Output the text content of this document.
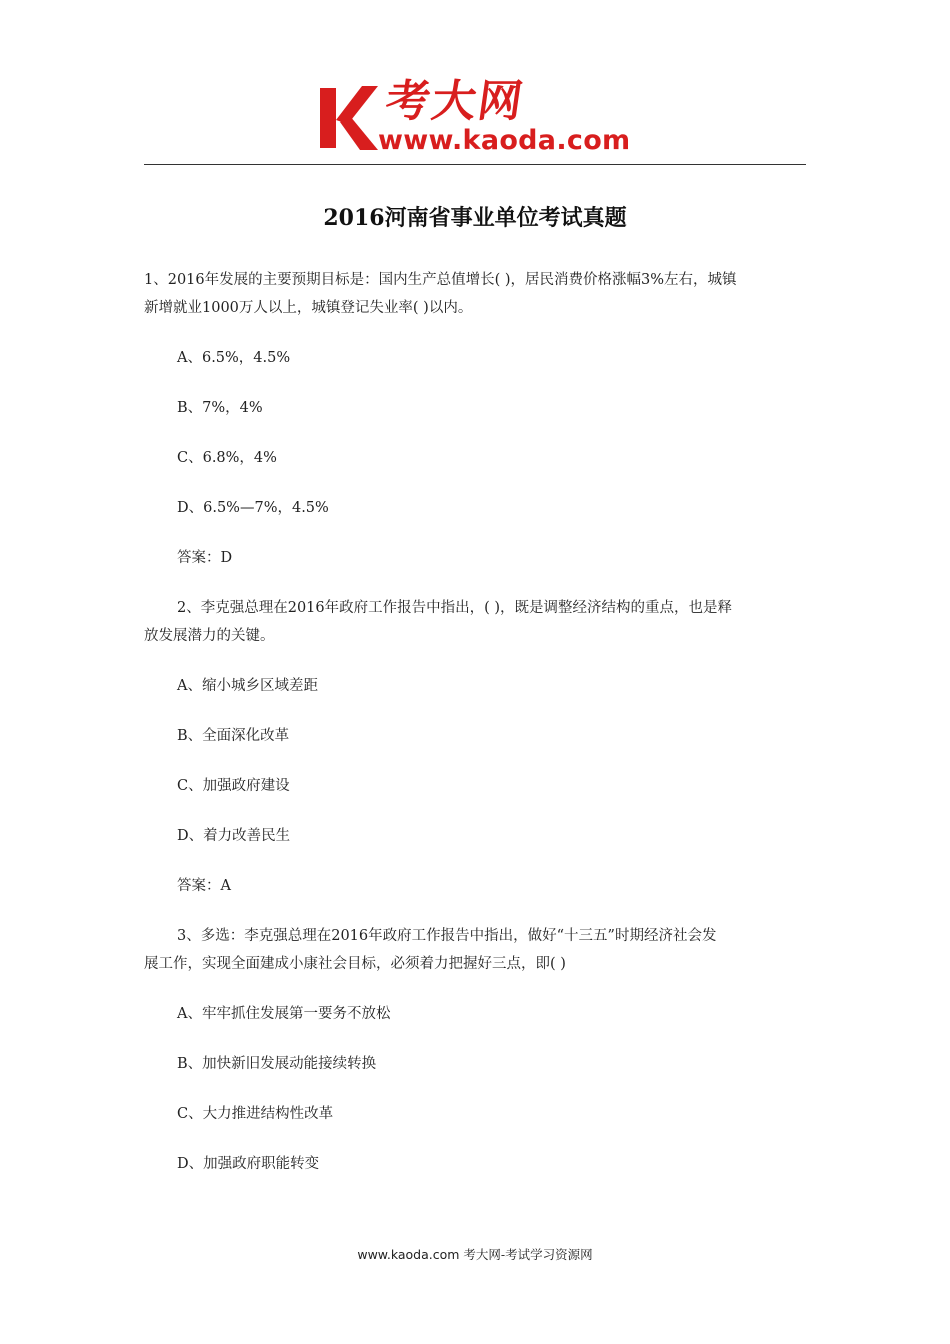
考大网
www.kaoda.com
2016河南省事业单位考试真题

1、2016年发展的主要预期目标是：国内生产总值增长( )，居民消费价格涨幅3%左右，城镇

新增就业1000万人以上，城镇登记失业率( )以内。

A、6.5%，4.5%

B、7%，4%

C、6.8%，4%

D、6.5%—7%，4.5%

答案：D

2、李克强总理在2016年政府工作报告中指出，( )，既是调整经济结构的重点，也是释

放发展潜力的关键。

A、缩小城乡区域差距

B、全面深化改革

C、加强政府建设

D、着力改善民生

答案：A

3、多选：李克强总理在2016年政府工作报告中指出，做好“十三五”时期经济社会发

展工作，实现全面建成小康社会目标，必须着力把握好三点，即( )

A、牢牢抓住发展第一要务不放松

B、加快新旧发展动能接续转换

C、大力推进结构性改革

D、加强政府职能转变

www.kaoda.com 考大网-考试学习资源网
